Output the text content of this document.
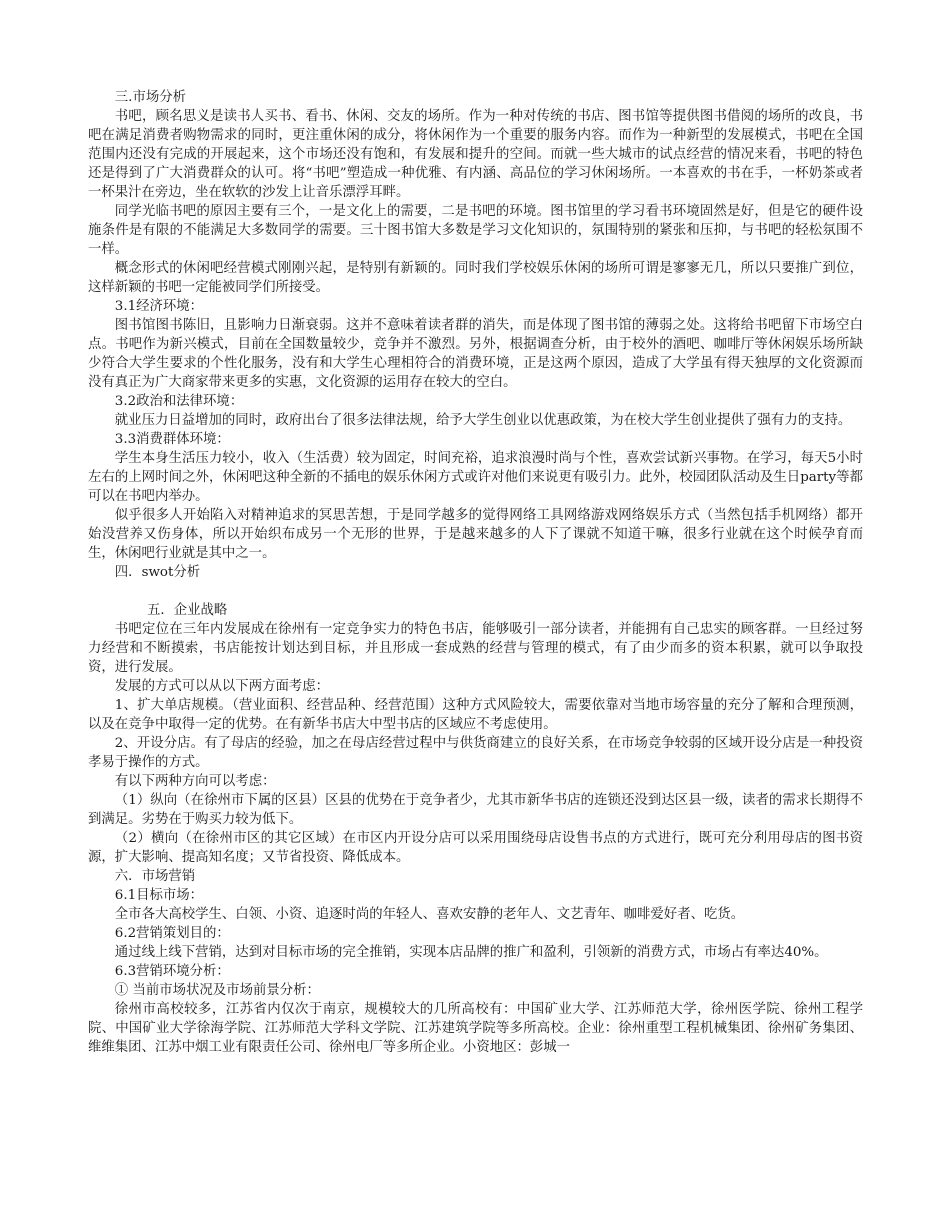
三.市场分析

书吧，顾名思义是读书人买书、看书、休闲、交友的场所。作为一种对传统的书店、图书馆等提供图书借阅的场所的改良，书吧在满足消费者购物需求的同时，更注重休闲的成分，将休闲作为一个重要的服务内容。而作为一种新型的发展模式，书吧在全国范围内还没有完成的开展起来，这个市场还没有饱和，有发展和提升的空间。而就一些大城市的试点经营的情况来看，书吧的特色还是得到了广大消费群众的认可。将“书吧”塑造成一种优雅、有内涵、高品位的学习休闲场所。一本喜欢的书在手，一杯奶茶或者一杯果汁在旁边，坐在软软的沙发上让音乐漂浮耳畔。

同学光临书吧的原因主要有三个，一是文化上的需要，二是书吧的环境。图书馆里的学习看书环境固然是好，但是它的硬件设施条件是有限的不能满足大多数同学的需要。三十图书馆大多数是学习文化知识的，氛围特别的紧张和压抑，与书吧的轻松氛围不一样。

概念形式的休闲吧经营模式刚刚兴起，是特别有新颖的。同时我们学校娱乐休闲的场所可谓是寥寥无几，所以只要推广到位，这样新颖的书吧一定能被同学们所接受。

3.1经济环境：

图书馆图书陈旧，且影响力日渐衰弱。这并不意味着读者群的消失，而是体现了图书馆的薄弱之处。这将给书吧留下市场空白点。书吧作为新兴模式，目前在全国数量较少，竞争并不激烈。另外，根据调查分析，由于校外的酒吧、咖啡厅等休闲娱乐场所缺少符合大学生要求的个性化服务，没有和大学生心理相符合的消费环境，正是这两个原因，造成了大学虽有得天独厚的文化资源而没有真正为广大商家带来更多的实惠，文化资源的运用存在较大的空白。

3.2政治和法律环境：

就业压力日益增加的同时，政府出台了很多法律法规，给予大学生创业以优惠政策，为在校大学生创业提供了强有力的支持。

3.3消费群体环境：

学生本身生活压力较小，收入（生活费）较为固定，时间充裕，追求浪漫时尚与个性，喜欢尝试新兴事物。在学习，每天5小时左右的上网时间之外，休闲吧这种全新的不插电的娱乐休闲方式或许对他们来说更有吸引力。此外，校园团队活动及生日party等都可以在书吧内举办。

似乎很多人开始陷入对精神追求的冥思苦想，于是同学越多的觉得网络工具网络游戏网络娱乐方式（当然包括手机网络）都开始没营养又伤身体，所以开始织布成另一个无形的世界，于是越来越多的人下了课就不知道干嘛，很多行业就在这个时候孕育而生，休闲吧行业就是其中之一。

四．swot分析

五．企业战略

书吧定位在三年内发展成在徐州有一定竞争实力的特色书店，能够吸引一部分读者，并能拥有自己忠实的顾客群。一旦经过努力经营和不断摸索，书店能按计划达到目标，并且形成一套成熟的经营与管理的模式，有了由少而多的资本积累，就可以争取投资，进行发展。

发展的方式可以从以下两方面考虑：

1、扩大单店规模。（营业面积、经营品种、经营范围）这种方式风险较大，需要依靠对当地市场容量的充分了解和合理预测，以及在竞争中取得一定的优势。在有新华书店大中型书店的区域应不考虑使用。

2、开设分店。有了母店的经验，加之在母店经营过程中与供货商建立的良好关系，在市场竞争较弱的区域开设分店是一种投资孝易于操作的方式。

有以下两种方向可以考虑：

（1）纵向（在徐州市下属的区县）区县的优势在于竞争者少，尤其市新华书店的连锁还没到达区县一级，读者的需求长期得不到满足。劣势在于购买力较为低下。

（2）横向（在徐州市区的其它区域）在市区内开设分店可以采用围绕母店设售书点的方式进行，既可充分利用母店的图书资源，扩大影响、提高知名度；又节省投资、降低成本。

六．市场营销

6.1目标市场：

全市各大高校学生、白领、小资、追逐时尚的年轻人、喜欢安静的老年人、文艺青年、咖啡爱好者、吃货。

6.2营销策划目的：

通过线上线下营销，达到对目标市场的完全推销，实现本店品牌的推广和盈利，引领新的消费方式，市场占有率达40%。

6.3营销环境分析：

① 当前市场状况及市场前景分析：

徐州市高校较多，江苏省内仅次于南京，规模较大的几所高校有：中国矿业大学、江苏师范大学，徐州医学院、徐州工程学院、中国矿业大学徐海学院、江苏师范大学科文学院、江苏建筑学院等多所高校。企业：徐州重型工程机械集团、徐州矿务集团、维维集团、江苏中烟工业有限责任公司、徐州电厂等多所企业。小资地区：彭城一
